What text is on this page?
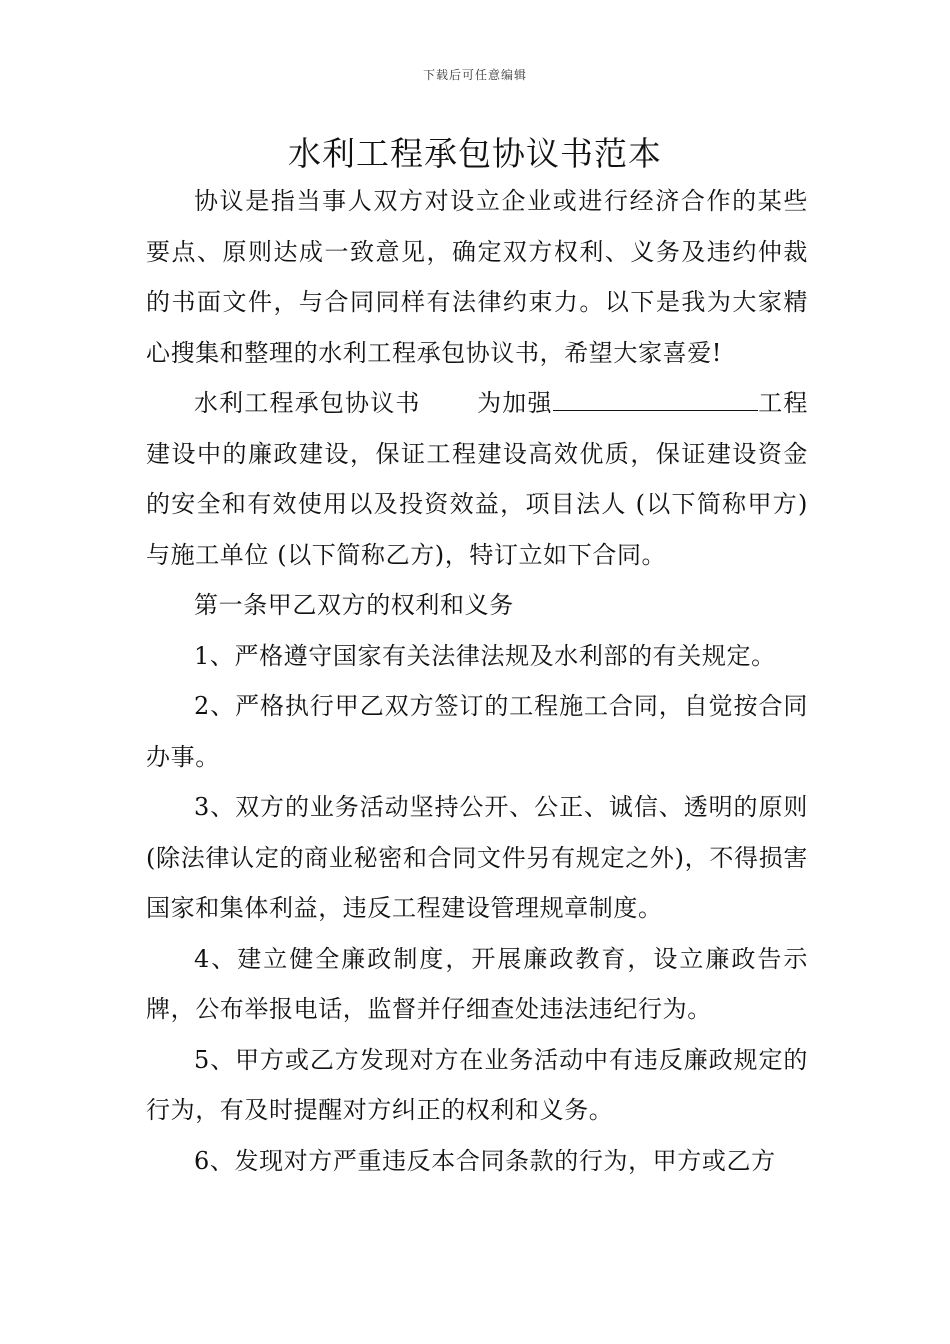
下载后可任意编辑
水利工程承包协议书范本

协议是指当事人双方对设立企业或进行经济合作的某些要点、原则达成一致意见，确定双方权利、义务及违约仲裁的书面文件，与合同同样有法律约束力。以下是我为大家精心搜集和整理的水利工程承包协议书，希望大家喜爱!

水利工程承包协议书 为加强	工程建设中的廉政建设，保证工程建设高效优质，保证建设资金的安全和有效使用以及投资效益，项目法人 (以下简称甲方)与施工单位 (以下简称乙方)，特订立如下合同。

第一条甲乙双方的权利和义务

1、严格遵守国家有关法律法规及水利部的有关规定。

2、严格执行甲乙双方签订的工程施工合同，自觉按合同办事。

3、双方的业务活动坚持公开、公正、诚信、透明的原则(除法律认定的商业秘密和合同文件另有规定之外)，不得损害国家和集体利益，违反工程建设管理规章制度。

4、建立健全廉政制度，开展廉政教育，设立廉政告示牌，公布举报电话，监督并仔细查处违法违纪行为。

5、甲方或乙方发现对方在业务活动中有违反廉政规定的行为，有及时提醒对方纠正的权利和义务。

6、发现对方严重违反本合同条款的行为，甲方或乙方
